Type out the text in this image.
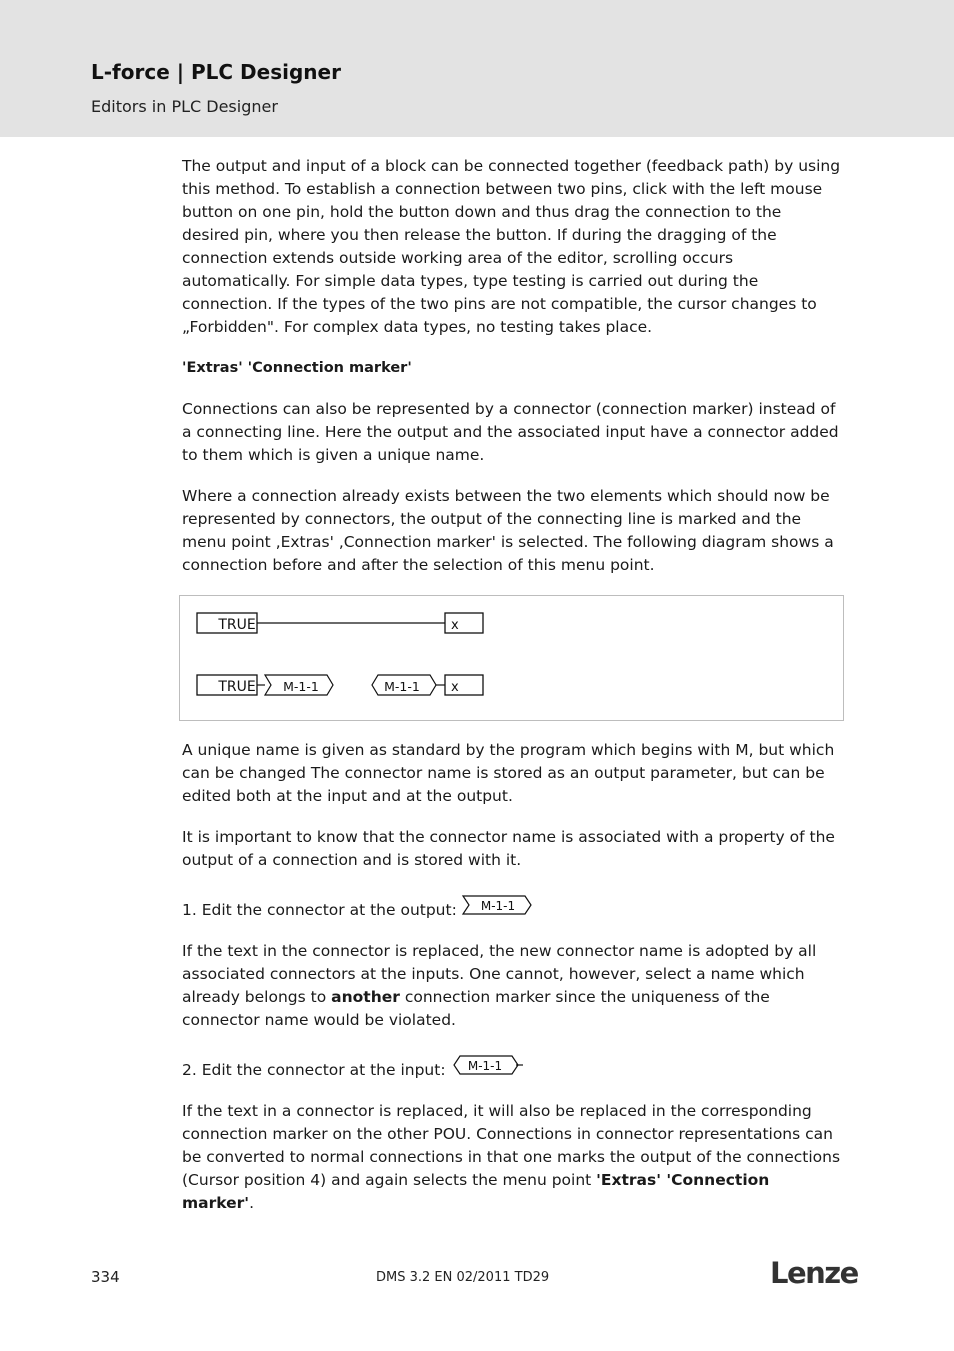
L-force | PLC Designer
Editors in PLC Designer

The output and input of a block can be connected together (feedback path) by using this method. To establish a connection between two pins, click with the left mouse button on one pin, hold the button down and thus drag the connection to the desired pin, where you then release the button. If during the dragging of the connection extends outside working area of the editor, scrolling occurs automatically. For simple data types, type testing is carried out during the connection. If the types of the two pins are not compatible, the cursor changes to „Forbidden". For complex data types, no testing takes place.

'Extras' 'Connection marker'

Connections can also be represented by a connector (connection marker) instead of a connecting line. Here the output and the associated input have a connector added to them which is given a unique name.

Where a connection already exists between the two elements which should now be represented by connectors, the output of the connecting line is marked and the menu point ‚Extras' ‚Connection marker' is selected. The following diagram shows a connection before and after the selection of this menu point.

TRUE	x
TRUE M-1-1	M-1-1 x

A unique name is given as standard by the program which begins with M, but which can be changed The connector name is stored as an output parameter, but can be edited both at the input and at the output.

It is important to know that the connector name is associated with a property of the output of a connection and is stored with it.

1. Edit the connector at the output: M-1-1

If the text in the connector is replaced, the new connector name is adopted by all associated connectors at the inputs. One cannot, however, select a name which already belongs to another connection marker since the uniqueness of the connector name would be violated.

2. Edit the connector at the input: M-1-1

If the text in a connector is replaced, it will also be replaced in the corresponding connection marker on the other POU. Connections in connector representations can be converted to normal connections in that one marks the output of the connections (Cursor position 4) and again selects the menu point 'Extras' 'Connection marker'.

334	DMS 3.2 EN 02/2011 TD29	Lenze
